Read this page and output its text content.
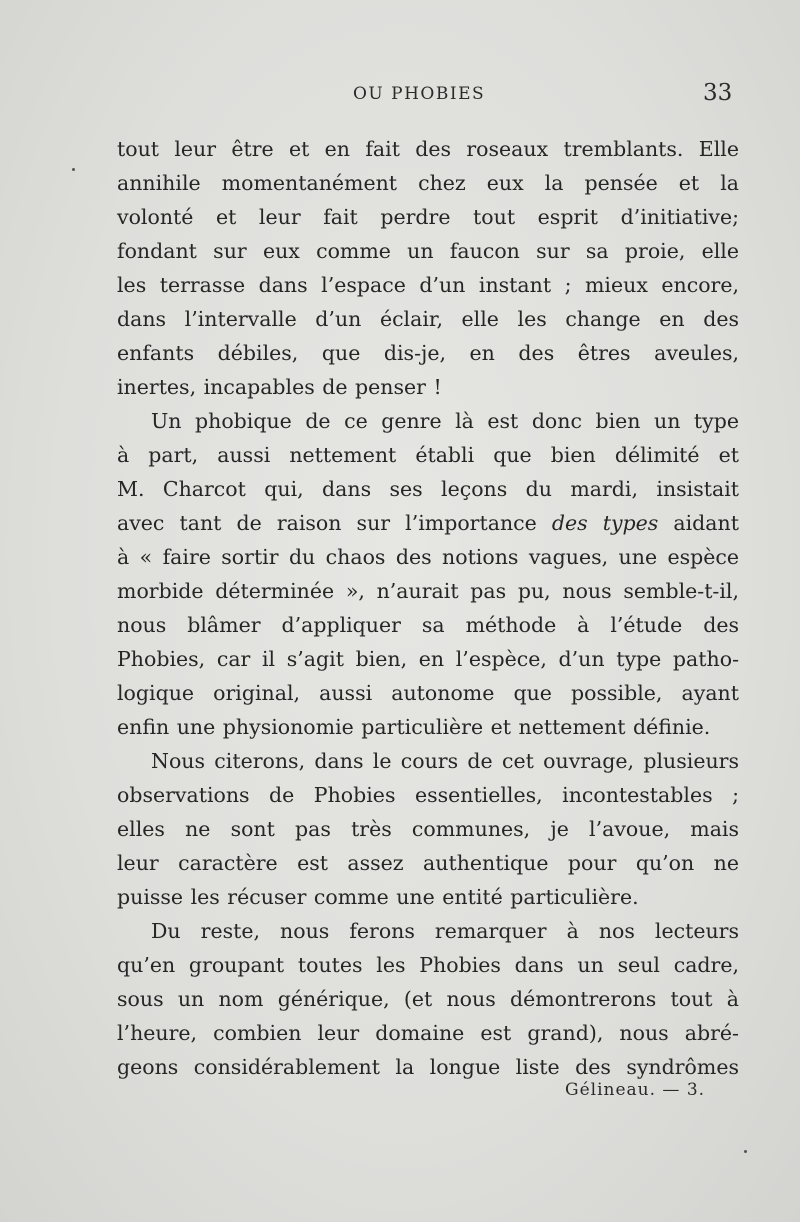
OU PHOBIES	33
tout leur être et en fait des roseaux tremblants. Elle
annihile momentanément chez eux la pensée et la
volonté et leur fait perdre tout esprit d’initiative;
fondant sur eux comme un faucon sur sa proie, elle
les terrasse dans l’espace d’un instant ; mieux encore,
dans l’intervalle d’un éclair, elle les change en des
enfants débiles, que dis-je, en des êtres aveules,
inertes, incapables de penser !
Un phobique de ce genre là est donc bien un type
à part, aussi nettement établi que bien délimité et
M. Charcot qui, dans ses leçons du mardi, insistait
avec tant de raison sur l’importance des types aidant
à « faire sortir du chaos des notions vagues, une espèce
morbide déterminée », n’aurait pas pu, nous semble-t-il,
nous blâmer d’appliquer sa méthode à l’étude des
Phobies, car il s’agit bien, en l’espèce, d’un type patho-
logique original, aussi autonome que possible, ayant
enfin une physionomie particulière et nettement définie.
Nous citerons, dans le cours de cet ouvrage, plusieurs
observations de Phobies essentielles, incontestables ;
elles ne sont pas très communes, je l’avoue, mais
leur caractère est assez authentique pour qu’on ne
puisse les récuser comme une entité particulière.
Du reste, nous ferons remarquer à nos lecteurs
qu’en groupant toutes les Phobies dans un seul cadre,
sous un nom générique, (et nous démontrerons tout à
l’heure, combien leur domaine est grand), nous abré-
geons considérablement la longue liste des syndrômes
Gélineau. — 3.
